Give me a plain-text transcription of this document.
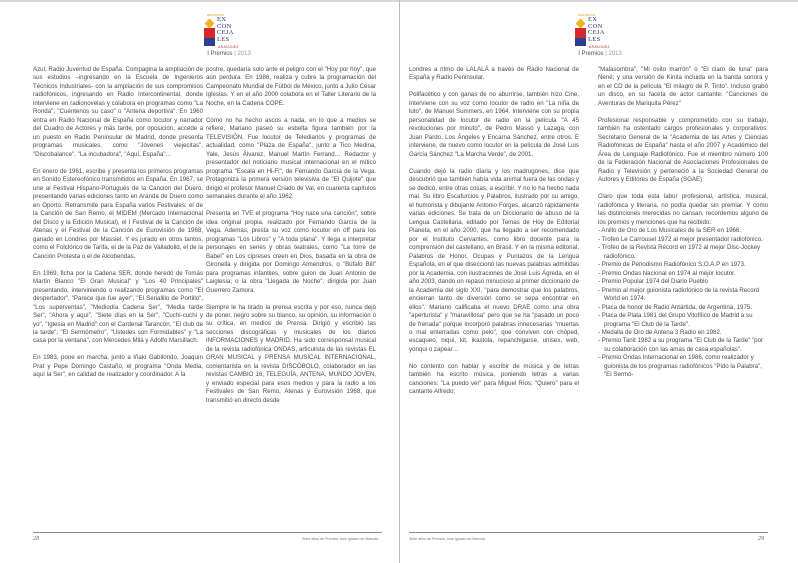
asociación
EX
CON
CEJA
LES
ARANJUEZ
I Premios | 2013

Azul, Radio Juventud de España. Compagina la ampliación de sus estudios –ingresando en la Escuela de Ingenieros Técnicos Industriales- con la ampliación de sus compromisos radiofónicos, ingresando en Radio Intercontinental, donde interviene en radionovelas y colabora en programas como "La Ronda", "Cuéntenos su caso" o "Antena deportiva". En 1960 entra en Radio Nacional de España como locutor y narrador del Cuadro de Actores y más tarde, por oposición, accede a un puesto en Radio Peninsular de Madrid, donde presenta programas musicales, como "Jóvenes viejecitas", "Discobalance", "La incubadora", "Aquí, España"…

En enero de 1961, escribe y presenta los primeros programas en Sonido Estereofónico transmitidos en España. En 1967, se une al Festival Hispano-Portugués de la Canción del Duero, presentando varias ediciones tanto en Aranda de Duero como en Oporto. Retransmite para España varios Festivales: el de la Canción de San Remo, el MIDEM (Mercado Internacional del Disco y la Edición Musical), el I Festival de la Canción de Atenas y el Festival de la Canción de Eurovisión de 1968, ganado en Londres por Massiel. Y es jurado en otros tantos, como el Folclórico de Tarifa, el de la Paz de Valladolid, el de la Canción Protesta o el de Alcobendas.

En 1969, ficha por la Cadena SER, donde heredó de Tomás Martín Blanco "El Gran Musical" y "Los 40 Principales" presentando, interviniendo o realizando programas como "El despertador", "Parece que fue ayer", "El Seriallilo de Portillo", "Los superventas", "Mediodía Cadena Ser", "Media tarde Ser", "Ahora y aquí", "Siete días en la Ser", "Cuchi-cuchi y yo", "Iglesia en Madrid" con el Cardenal Tarancón, "El club de la tarde", "El Sermómetro", "Ustedes son Formidables" y "La casa por la ventana", con Mercedes Milá y Adolfo Marsillach.

En 1983, pone en marcha, junto a Iñaki Gabilondo, Joaquín Prat y Pepe Domingo Castaño, el programa "Onda Media, aquí la Ser", en calidad de realizador y coordinador. A la

postre, quedaría solo ante el peligro con el "Hoy por hoy", que aún perdura. En 1986, realiza y cubre la programación del Campeonato Mundial de Fútbol de México, junto a Julio César Iglesias. Y en el año 2000 colabora en el Taller Literario de la Noche, en la Cadena COPE.

Como no ha hecho ascos a nada, en lo que a medios se refiere, Mariano paseó su esbelta figura también por la TELEVISIÓN. Fue locutor de Telediarios y programas de actualidad, como "Plaza de España", junto a Tico Medina, Yale, Jesús Álvarez, Manuel Martín Ferrand… Redactor y presentador del noticiario musical internacional en el mítico programa "Escala en Hi-Fi", de Fernando García de la Vega. Protagoniza la primera versión televisiva de "El Quijote" que dirigió el profesor Manuel Criado de Val, en cuarenta capítulos semanales durante el año 1962.

Presenta en TVE el programa "Hoy nace una canción", sobre idea original propia, realizado por Fernando García de la Vega. Además, presta su voz como locutor en off para los programas "Los Libros" y "A toda plana". Y llega a interpretar personajes en series y obras teatrales, como "La torre de Babel" en Los cipreses creen en Dios, basada en la obra de Gironella y dirigida por Domingo Almendros, o "Búfalo Bill" para programas infantiles, sobre guion de Juan Antonio de Laiglesia; o la obra "Llegada de Noche", dirigida por Juan Guerrero Zamora.

Siempre le ha tirado la prensa escrita y por eso, nunca dejó de poner, negro sobre su blanco, su opinión, su información o su crítica, en medios de Prensa. Dirigió y escribió las secciones discográficas y musicales de los diarios INFORMACIONES y MADRID. Ha sido corresponsal musical de la revista radiofónica ONDAS, articulista de las revistas EL GRAN MUSICAL y PRENSA MUSICAL INTERNACIONAL, comentarista en la revista DISCÓBOLO, colaborador en las revistas CAMBIO 16, TELEGUÍA, ANTENA, MUNDO JOVEN, y enviado especial para esos medios y para la radio a los Festivales de San Remo, Atenas y Eurovisión 1968, que transmitió en directo desde

28	Siete años de Premios José Ignacio de Mamola
asociación
EX
CON
CEJA
LES
ARANJUEZ
I Premios | 2013

Londres a ritmo de LALALÁ a través de Radio Nacional de España y Radio Peninsular.

Polifacético y con ganas de no aburrirse, también hizo Cine. Interviene con su voz como locutor de radio en "La niña de luto", de Manuel Summers, en 1964. Interviene con su propia personalidad de locutor de radio en la película "A 45 revoluciones por minuto", de Pedro Massó y Lazaga, con Juan Pardo, Los Ángeles y Encarna Sánchez, entre otros. E interviene, de nuevo como locutor en la película de José Luis García Sánchez "La Marcha Verde", de 2001.

Cuando dejó la radio diaria y los madrugones, dice que descubrió que también había vida animal fuera de las ondas y se dedicó, entre otras cosas, a escribir. Y no lo ha hecho nada mal. Su libro Escafurcios y Palabros, ilustrado por su amigo, el humorista y dibujante Antonio Forges, alcanzó rápidamente varias ediciones. Se trata de un Diccionario de abuso de la Lengua Castellana, editado por Temas de Hoy de Editorial Planeta, en el año 2000, que ha llegado a ser recomendado por el Instituto Cervantes, como libro docente para la comprensión del castellano, en Brasil. Y en la misma editorial, Palabros de Honor, Ocupas y Puntazos de la Lengua Española, en el que diseccionó las nuevas palabras admitidas por la Academia, con ilustraciones de José Luis Ágreda, en el año 2003, dando un repaso minucioso al primer diccionario de la Academia del siglo XXI, "para demostrar que los palabros, encierran tanto de diversión como se sepa encontrar en ellos". Mariano calificaba el nuevo DRAE como una obra "aperturista" y "maravillosa" pero que se ha "pasado un poco de frenada" porque incorporó palabras innecesarias "muertas o mal enterradas como pelo", que conviven con chóped, escaqueo, niqui, kit, ikastola, repanchigarse, unisex, web, yonqui o zapear…

No contento con hablar y escribir de música y de letras también ha escrito música, poniendo letras a varias canciones: "La puedo ver" para Miguel Ríos; "Quiero" para el cantante Alfredo;

"Malasombra", "Mi osito marrón" o "El claro de luna" para Nené; y una versión de Kinita incluida en la banda sonora y en el CD de la película "El milagro de P. Tinto". Incluso grabó un disco, en su faceta de actor cantante: "Canciones de Aventuras de Mariquita Pérez"

Profesional responsable y comprometido con su trabajo, también ha ostentado cargos profesionales y corporativos: Secretario General de la "Academia de las Artes y Ciencias Radiofónicas de España" hasta el año 2007 y Académico del Área de Lenguaje Radiofónico. Fue el miembro número 100 de la Federación Nacional de Asociaciones Profesionales de Radio y Televisión y perteneció a la Sociedad General de Autores y Editores de España (SGAE)

Claro que toda esta labor profesional, artística, musical, radiofónica y literaria, no podía quedar sin premiar. Y como las distinciones merecidas no cansan, recordemos alguno de los premios y menciones que ha recibido:

- Anillo de Oro de Los Musicales de la SER en 1966.
- Trofeo Le Carrousel 1972 al mejor presentador radiofónico.
- Trofeo de la Revista Récord en 1972 al mejor Disc-Jockey radiofónico.
- Premio de Periodismo Radiofónico S.O.A.P en 1973.
- Premio Ondas Nacional en 1974 al mejor locutor.
- Premio Popular 1974 del Diario Pueblo
- Premio al mejor guionista radiofónico de la revista Record World en 1974.
- Placa de honor de Radio Antártida, de Argentina, 1975.
- Placa de Plata 1981 del Grupo Vitofílico de Madrid a su programa "El Club de la Tarde".
- Medalla de Oro de Antena 3 Radio en 1982.
- Premio Tanit 1982 a su programa "El Club de la Tarde" "por su colaboración con las amas de casa españolas".
- Premio Ondas Internacional en 1986, como realizador y guionista de los programas radiofónicos "Pido la Palabra", "El Sermó-
Siete años de Premios José Ignacio de Mamola	29
